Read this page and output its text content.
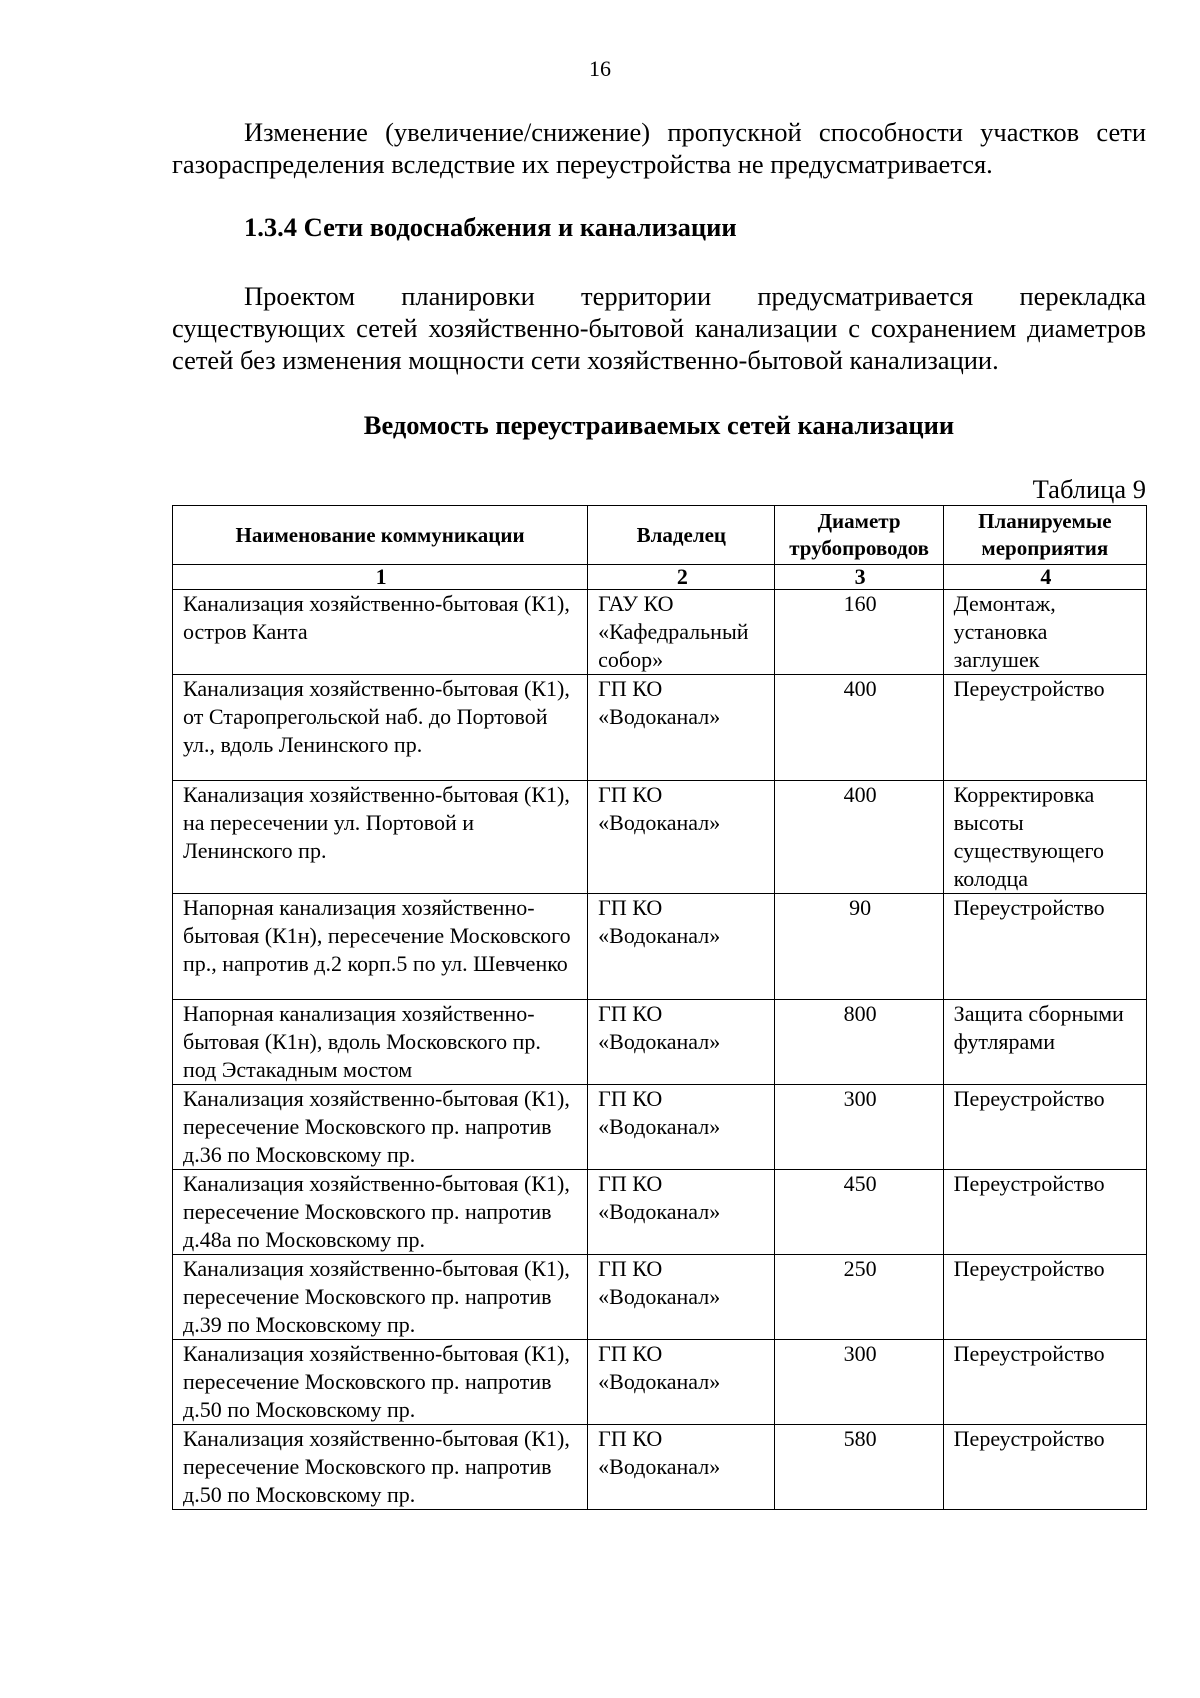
16

Изменение (увеличение/снижение) пропускной способности участков сети газораспределения вследствие их переустройства не предусматривается.

1.3.4 Сети водоснабжения и канализации

Проектом планировки территории предусматривается перекладка существующих сетей хозяйственно-бытовой канализации с сохранением диаметров сетей без изменения мощности сети хозяйственно-бытовой канализации.

Ведомость переустраиваемых сетей канализации
Таблица 9
Наименование коммуникации	Владелец	Диаметр трубопроводов	Планируемые мероприятия
1	2	3	4
Канализация хозяйственно-бытовая (К1), остров Канта	ГАУ КО «Кафедральный собор»	160	Демонтаж, установка заглушек
Канализация хозяйственно-бытовая (К1), от Старопрегольской наб. до Портовой ул., вдоль Ленинского пр.	ГП КО «Водоканал»	400	Переустройство
Канализация хозяйственно-бытовая (К1), на пересечении ул. Портовой и Ленинского пр.	ГП КО «Водоканал»	400	Корректировка высоты существующего колодца
Напорная канализация хозяйственно-бытовая (К1н), пересечение Московского пр., напротив д.2 корп.5 по ул. Шевченко	ГП КО «Водоканал»	90	Переустройство
Напорная канализация хозяйственно-бытовая (К1н), вдоль Московского пр. под Эстакадным мостом	ГП КО «Водоканал»	800	Защита сборными футлярами
Канализация хозяйственно-бытовая (К1), пересечение Московского пр. напротив д.36 по Московскому пр.	ГП КО «Водоканал»	300	Переустройство
Канализация хозяйственно-бытовая (К1), пересечение Московского пр. напротив д.48а по Московскому пр.	ГП КО «Водоканал»	450	Переустройство
Канализация хозяйственно-бытовая (К1), пересечение Московского пр. напротив д.39 по Московскому пр.	ГП КО «Водоканал»	250	Переустройство
Канализация хозяйственно-бытовая (К1), пересечение Московского пр. напротив д.50 по Московскому пр.	ГП КО «Водоканал»	300	Переустройство
Канализация хозяйственно-бытовая (К1), пересечение Московского пр. напротив д.50 по Московскому пр.	ГП КО «Водоканал»	580	Переустройство
